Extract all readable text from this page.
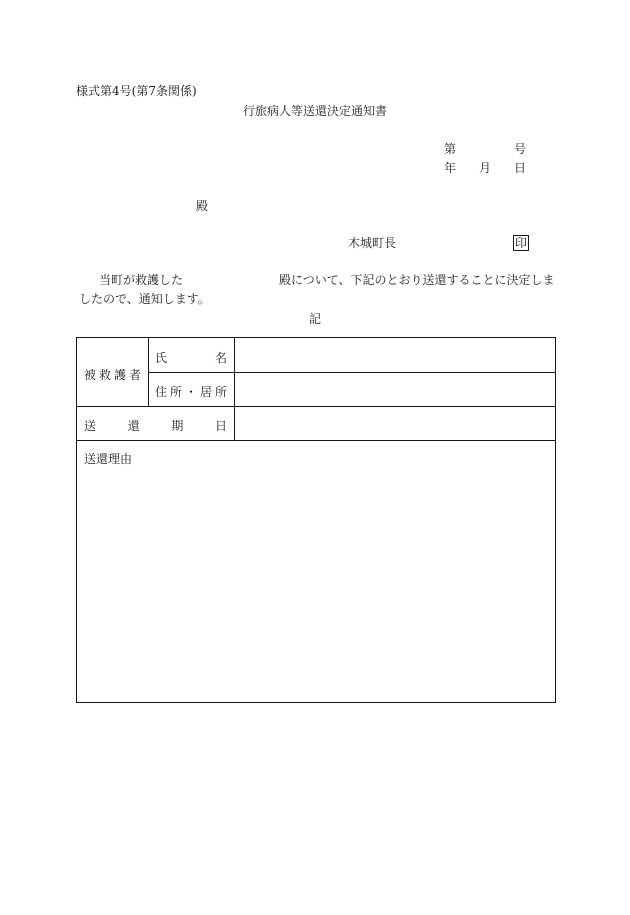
様式第4号(第7条関係)
行旅病人等送還決定通知書
第	号
年 月 日
殿
木城町長	印
当町が救護した	殿について、下記のとおり送還することに決定しま
したので、通知します。
記
被 救 護 者
氏	名
住 所 ・ 居 所
送	還	期	日
送還理由
